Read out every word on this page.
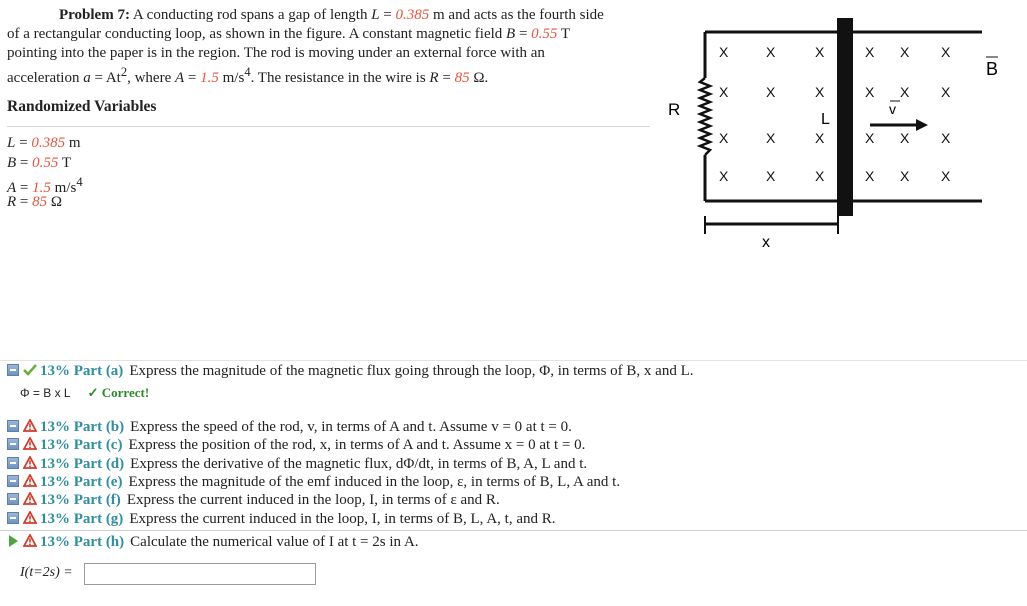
Problem 7: A conducting rod spans a gap of length L = 0.385 m and acts as the fourth side
of a rectangular conducting loop, as shown in the figure. A constant magnetic field B = 0.55 T
pointing into the paper is in the region. The rod is moving under an external force with an
acceleration $a = At^2$, where A = 1.5 $m/s^4$. The resistance in the wire is R = 85 Ω.
Randomized Variables
L = 0.385 m
B = 0.55 T
A = 1.5 $m/s^4$
R = 85 Ω
R
L
X	X	X	X X X
X	X	X	X X X
X	X	X	X X X
X	X	X	X X X
v
B
x
13% Part (a) Express the magnitude of the magnetic flux going through the loop, Φ, in terms of B, x and L.
Φ = B x L ✓ Correct!
13% Part (b) Express the speed of the rod, v, in terms of A and t. Assume v = 0 at t = 0.
13% Part (c) Express the position of the rod, x, in terms of A and t. Assume x = 0 at t = 0.
13% Part (d) Express the derivative of the magnetic flux, dΦ/dt, in terms of B, A, L and t.
13% Part (e) Express the magnitude of the emf induced in the loop, ε, in terms of B, L, A and t.
13% Part (f) Express the current induced in the loop, I, in terms of ε and R.
13% Part (g) Express the current induced in the loop, I, in terms of B, L, A, t, and R.
13% Part (h) Calculate the numerical value of I at t = 2s in A.
I(t=2s) =
